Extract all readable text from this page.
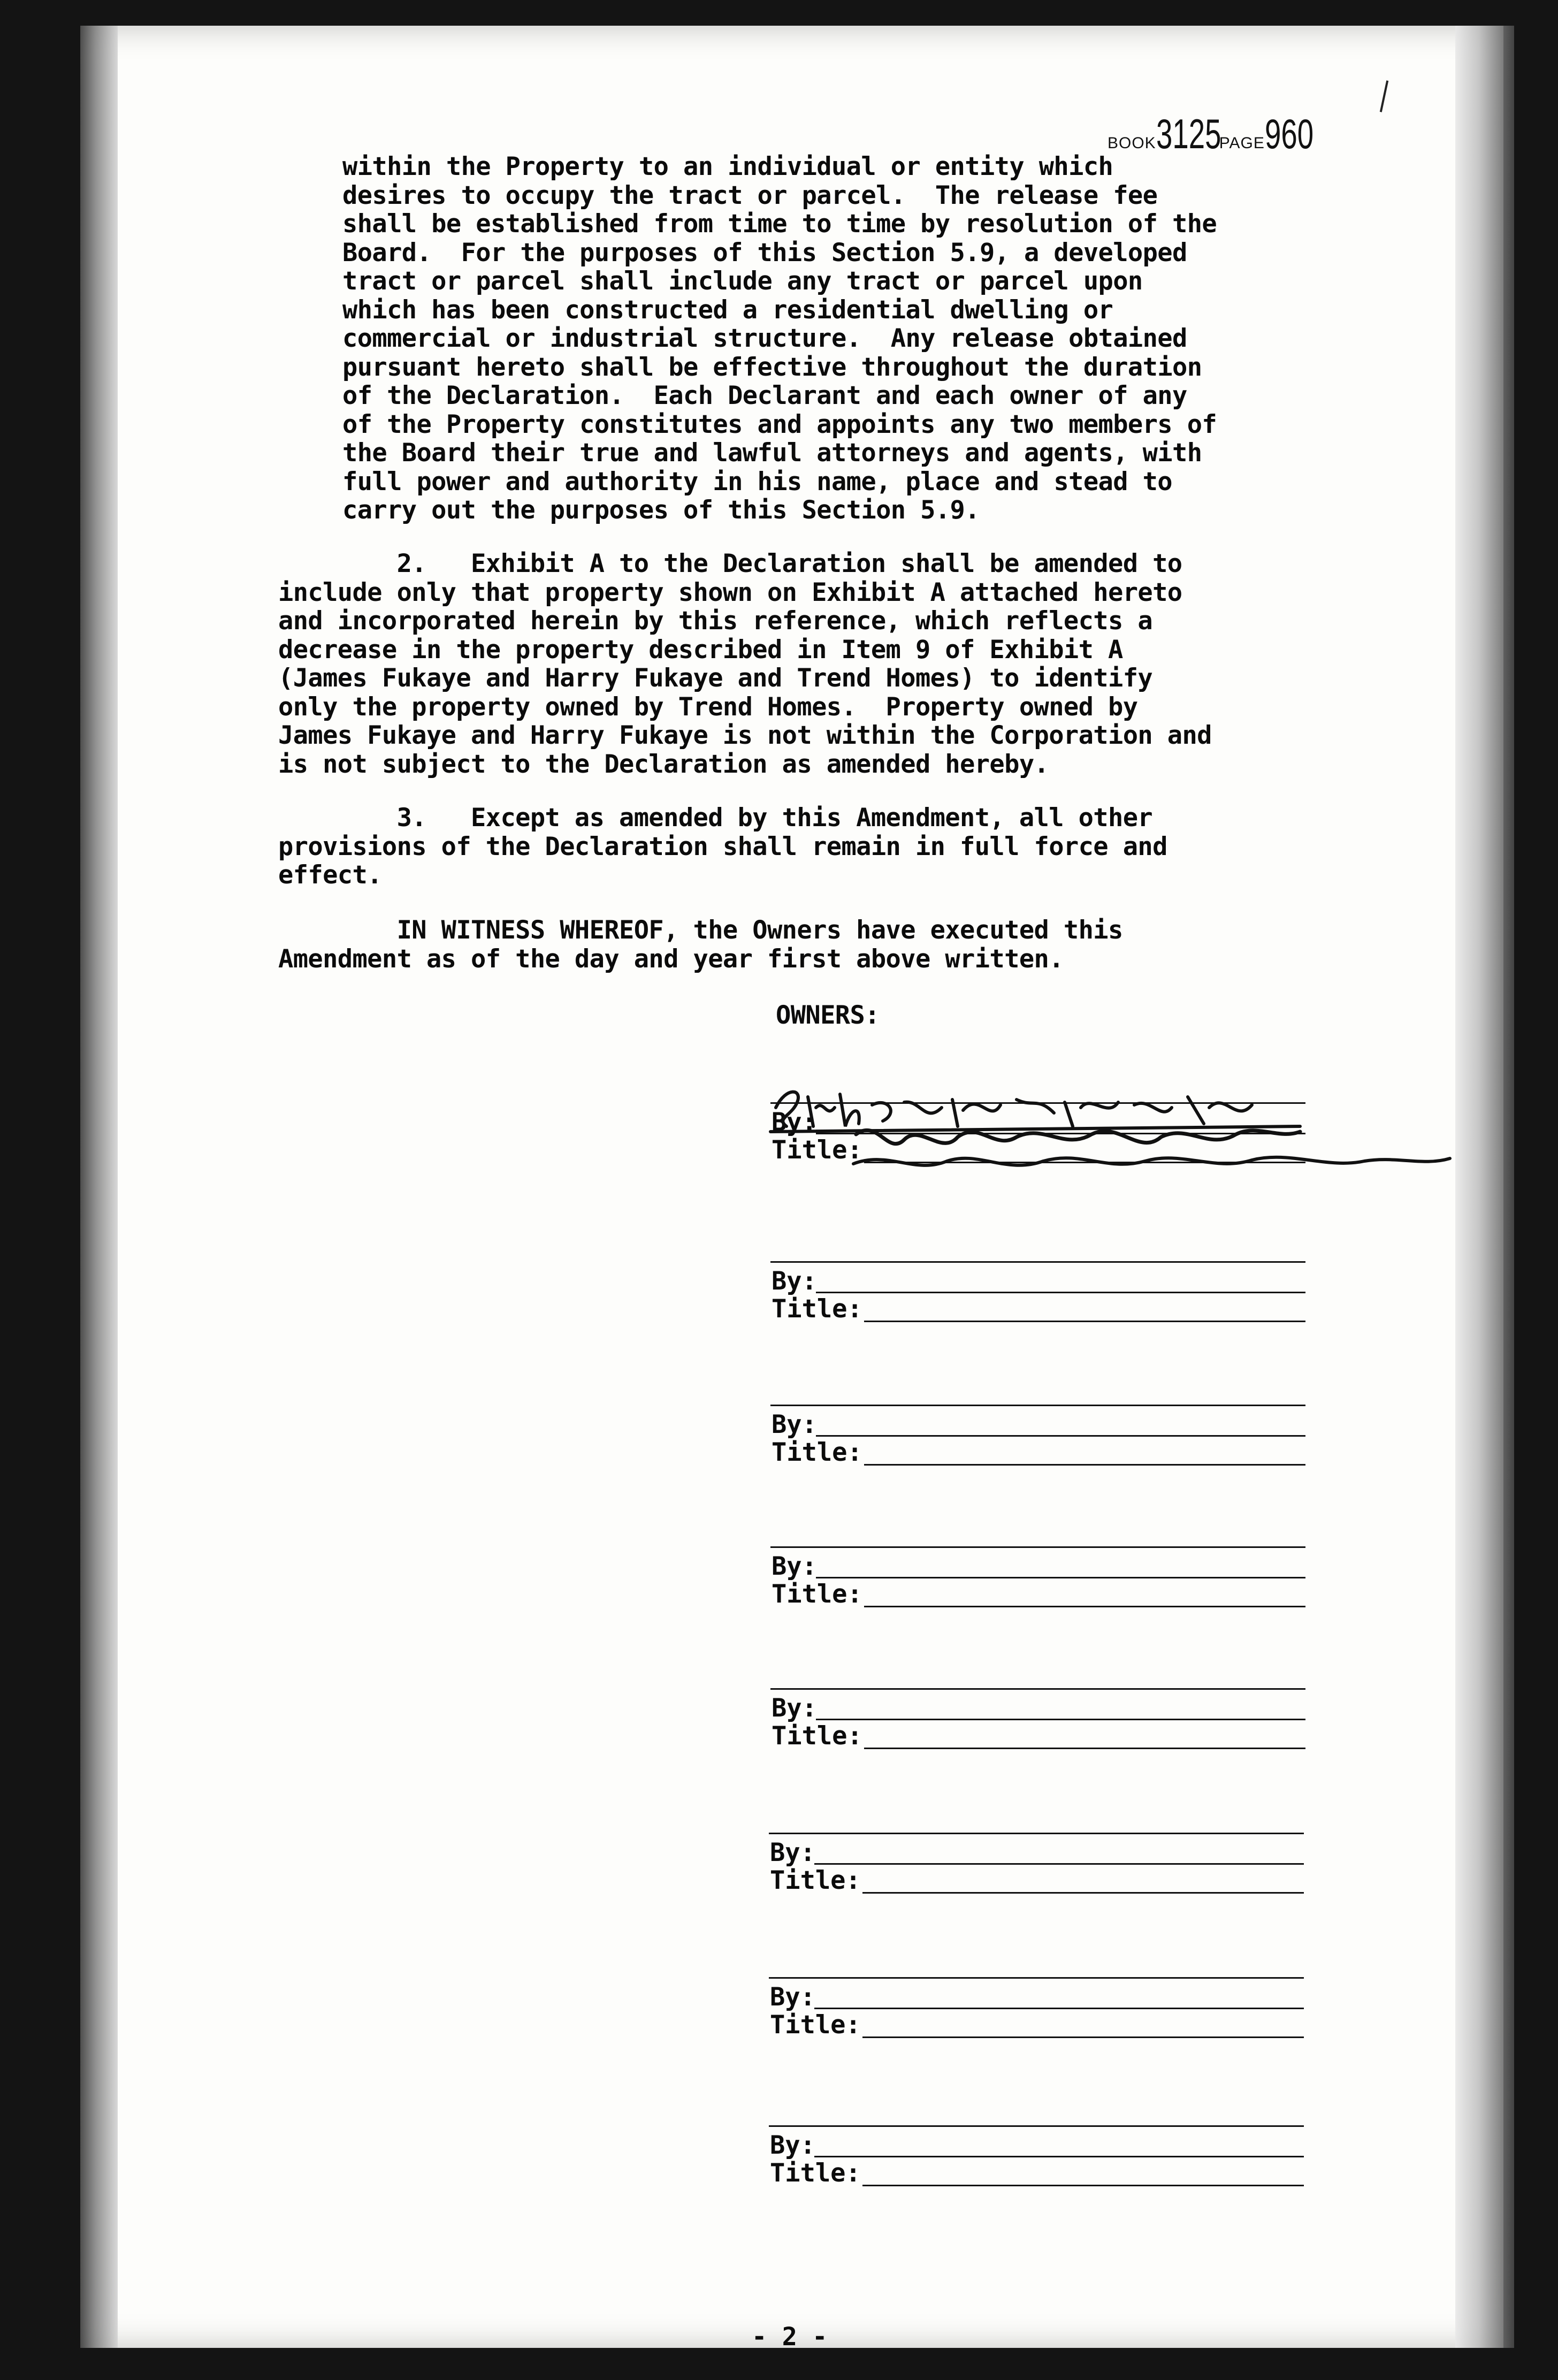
BOOK3125 PAGE960
within the Property to an individual or entity which
desires to occupy the tract or parcel.  The release fee
shall be established from time to time by resolution of the
Board.  For the purposes of this Section 5.9, a developed
tract or parcel shall include any tract or parcel upon
which has been constructed a residential dwelling or
commercial or industrial structure.  Any release obtained
pursuant hereto shall be effective throughout the duration
of the Declaration.  Each Declarant and each owner of any
of the Property constitutes and appoints any two members of
the Board their true and lawful attorneys and agents, with
full power and authority in his name, place and stead to
carry out the purposes of this Section 5.9.
2.   Exhibit A to the Declaration shall be amended to
include only that property shown on Exhibit A attached hereto
and incorporated herein by this reference, which reflects a
decrease in the property described in Item 9 of Exhibit A
(James Fukaye and Harry Fukaye and Trend Homes) to identify
only the property owned by Trend Homes.  Property owned by
James Fukaye and Harry Fukaye is not within the Corporation and
is not subject to the Declaration as amended hereby.
3.   Except as amended by this Amendment, all other
provisions of the Declaration shall remain in full force and
effect.
IN WITNESS WHEREOF, the Owners have executed this
Amendment as of the day and year first above written.
OWNERS:
By:
Title:
By:
Title:
By:
Title:
By:
Title:
By:
Title:
By:
Title:
By:
Title:
By:
Title:
- 2 -
